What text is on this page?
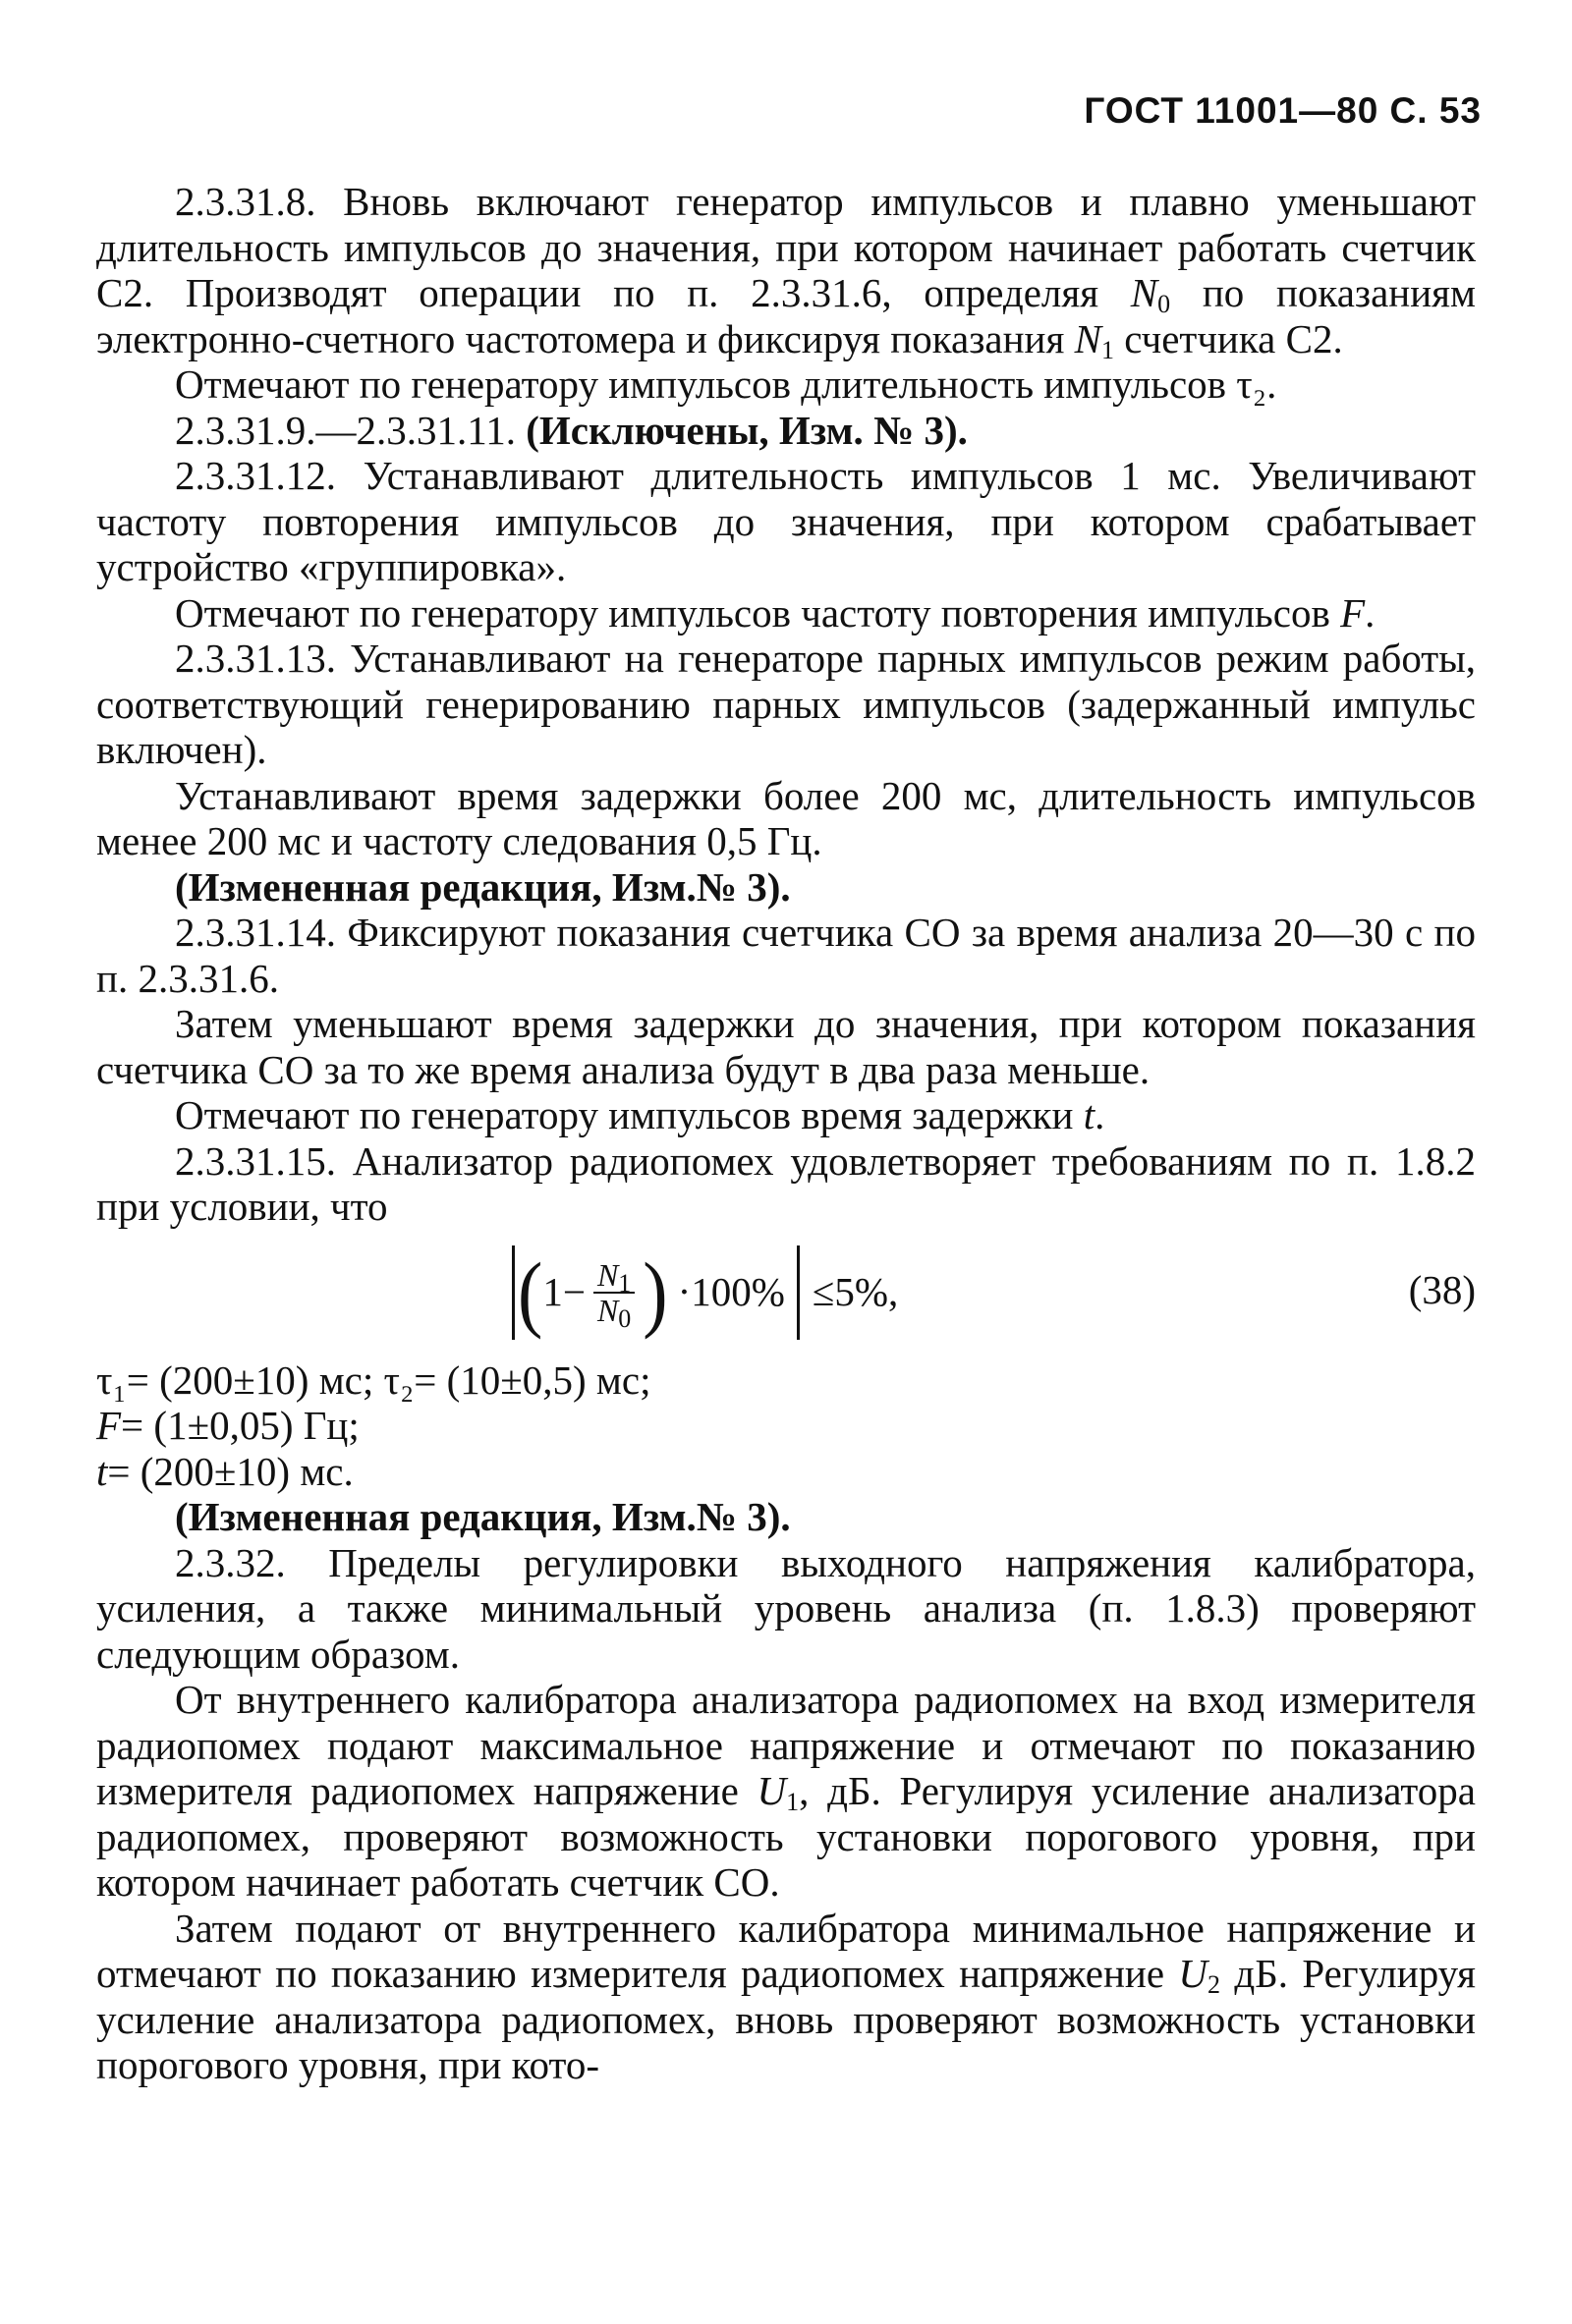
ГОСТ 11001—80 С. 53

2.3.31.8. Вновь включают генератор импульсов и плавно уменьшают длительность импульсов до значения, при котором начинает работать счетчик С2. Производят операции по п. 2.3.31.6, определяя $N_0$ по показаниям электронно-счетного частотомера и фиксируя показания $N_1$ счетчика С2.

Отмечают по генератору импульсов длительность импульсов τ₂.

2.3.31.9.—2.3.31.11. (Исключены, Изм. № 3).

2.3.31.12. Устанавливают длительность импульсов 1 мс. Увеличивают частоту повторения импульсов до значения, при котором срабатывает устройство «группировка».

Отмечают по генератору импульсов частоту повторения импульсов F.

2.3.31.13. Устанавливают на генераторе парных импульсов режим работы, соответствующий генерированию парных импульсов (задержанный импульс включен).

Устанавливают время задержки более 200 мс, длительность импульсов менее 200 мс и частоту следования 0,5 Гц.

(Измененная редакция, Изм.№ 3).

2.3.31.14. Фиксируют показания счетчика СО за время анализа 20—30 с по п. 2.3.31.6.

Затем уменьшают время задержки до значения, при котором показания счетчика СО за то же время анализа будут в два раза меньше.

Отмечают по генератору импульсов время задержки t.

2.3.31.15. Анализатор радиопомех удовлетворяет требованиям по п. 1.8.2 при условии, что

( $1- \frac{N_1}{N_0}$ ) ·100% ≤5%,	(38)

τ₁= (200±10) мс; τ₂= (10±0,5) мс;

F= (1±0,05) Гц;

t= (200±10) мс.

(Измененная редакция, Изм.№ 3).

2.3.32. Пределы регулировки выходного напряжения калибратора, усиления, а также минимальный уровень анализа (п. 1.8.3) проверяют следующим образом.

От внутреннего калибратора анализатора радиопомех на вход измерителя радиопомех подают максимальное напряжение и отмечают по показанию измерителя радиопомех напряжение $U_1$, дБ. Регулируя усиление анализатора радиопомех, проверяют возможность установки порогового уровня, при котором начинает работать счетчик СО.

Затем подают от внутреннего калибратора минимальное напряжение и отмечают по показанию измерителя радиопомех напряжение $U_2$ дБ. Регулируя усиление анализатора радиопомех, вновь проверяют возможность установки порогового уровня, при кото-
